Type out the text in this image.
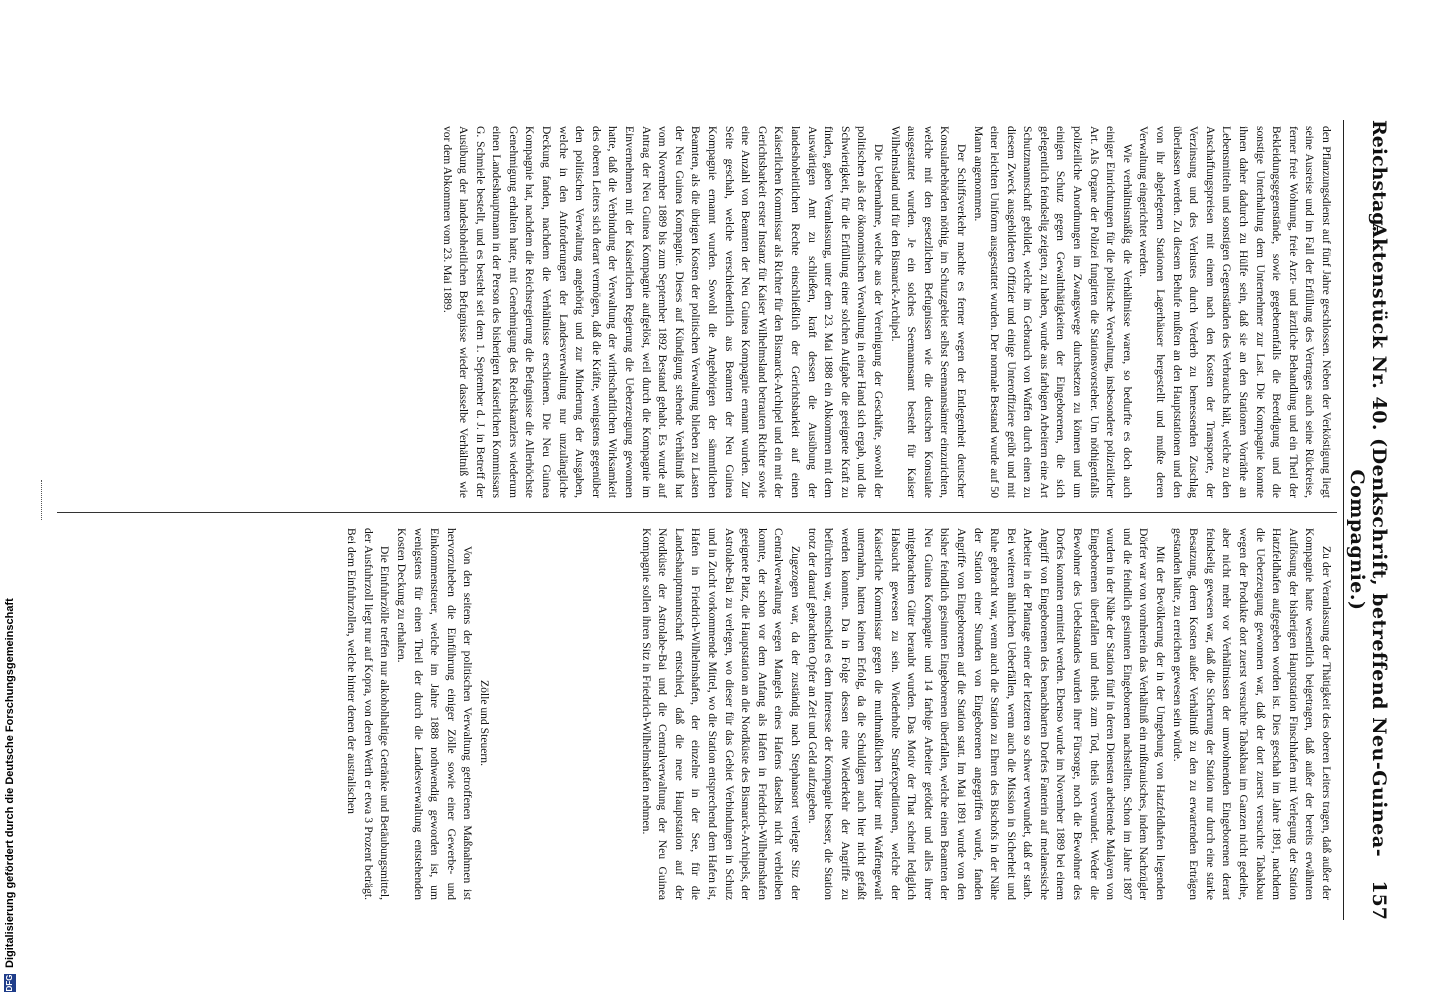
Reichstag.
Aktenstück Nr. 40. (Denkschrift, betreffend Neu-Guinea-Compagnie.)
157

den Pflanzungsdienst auf fünf Jahre geschlossen. Neben der Verköstigung liegt seine Ausreise und im Fall der Erfüllung des Vertrages auch seine Rückreise, ferner freie Wohnung, freie Arzt- und ärztliche Behandlung und ein Theil der Bekleidungsgegenstände, sowie gegebenenfalls die Beerdigung und die sonstige Unterhaltung dem Unternehmer zur Last. Die Kompagnie konnte ihnen daher dadurch zu Hülfe sein, daß sie an den Stationen Vorräthe an Lebensmitteln und sonstigen Gegenständen des Verbrauchs hält, welche zu den Anschaffungspreisen mit einem nach den Kosten der Transporte, der Verzinsung und des Verlustes durch Verderb zu bemessenden Zuschlag überlassen werden. Zu diesem Behufe mußten an den Hauptstationen und den von ihr abgelegenen Stationen Lagerhäuser hergestellt und mußte deren Verwaltung eingerichtet werden.

Wie verhältnismäßig die Verhältnisse waren, so bedurfte es doch auch einiger Einrichtungen für die politische Verwaltung, insbesondere polizeilicher Art. Als Organe der Polizei fungirten die Stationsvorsteher. Um nöthigenfalls polizeiliche Anordnungen im Zwangswege durchsetzen zu können und um einigen Schutz gegen Gewaltthätigkeiten der Eingeborenen, die sich gelegentlich feindselig zeigten, zu haben, wurde aus farbigen Arbeitern eine Art Schutzmannschaft gebildet, welche im Gebrauch von Waffen durch einen zu diesem Zweck ausgebildeten Offizier und einige Unteroffiziere geübt und mit einer leichten Uniform ausgestattet wurden. Der normale Bestand wurde auf 50 Mann angenommen.

Der Schiffsverkehr machte es ferner wegen der Entlegenheit deutscher Konsularbehörden nöthig, im Schutzgebiet selbst Seemannsämter einzurichten, welche mit den gesetzlichen Befugnissen wie die deutschen Konsulate ausgestattet wurden. Je ein solches Seemannsamt besteht für Kaiser Wilhelmsland und für den Bismarck-Archipel.

Die Uebernahme, welche aus der Vereinigung der Geschäfte, sowohl der politischen als der ökonomischen Verwaltung in einer Hand sich ergab, und die Schwierigkeit, für die Erfüllung einer solchen Aufgabe die geeignete Kraft zu finden, gaben Veranlassung, unter dem 23. Mai 1888 ein Abkommen mit dem Auswärtigen Amt zu schließen, kraft dessen die Ausübung der landeshoheitlichen Rechte einschließlich der Gerichtsbarkeit auf einen Kaiserlichen Kommissar als Richter für den Bismarck-Archipel und ein mit der Gerichtsbarkeit erster Instanz für Kaiser Wilhelmsland betrauten Richter sowie eine Anzahl von Beamten der Neu Guinea Kompagnie ernannt wurden. Zur Seite geschah, welche verschiedentlich aus Beamten der Neu Guinea Kompagnie ernannt wurden. Sowohl die Angehörigen der sämmtlichen Beamten, als die übrigen Kosten der politischen Verwaltung blieben zu Lasten der Neu Guinea Kompagnie. Dieses auf Kündigung stehende Verhältniß hat vom November 1889 bis zum September 1892 Bestand gehabt. Es wurde auf Antrag der Neu Guinea Kompagnie aufgelöst, weil durch die Kompagnie im Einvernehmen mit der Kaiserlichen Regierung die Ueberzeugung gewonnen hatte, daß die Verbindung der Verwaltung der wirthschaftlichen Wirksamkeit des oberen Leiters sich derart vermögen, daß die Kräfte, wenigstens gegenüber den politischen Verwaltung angehörig und zur Minderung der Ausgaben, welche in den Anforderungen der Landesverwaltung nur unzulängliche Deckung fanden, nachdem die Verhältnisse erschienen. Die Neu Guinea Kompagnie hat, nachdem die Reichsregierung die Befugnisse die Allerhöchste Genehmigung erhalten hatte, mit Genehmigung des Reichskanzlers wiederum einen Landeshauptmann in der Person des bisherigen Kaiserlichen Kommissars G. Schmiele bestellt, und es besteht seit dem 1. September d. J. in Betreff der Ausübung der landeshoheitlichen Befugnisse wieder dasselbe Verhältniß wie vor dem Abkommen vom 23. Mai 1889.

Zu der Veranlassung der Thätigkeit des oberen Leiters tragen, daß außer der Kompagnie hatte wesentlich beigetragen, daß außer der bereits erwähnten Auflösung der bisherigen Hauptstation Finschhafen mit Verlegung der Station Hatzfeldhafen aufgegeben worden ist. Dies geschah im Jahre 1891, nachdem die Ueberzeugung gewonnen war, daß der dort zuerst versuchte Tabakbau wegen der Produkte dort zuerst versuchte Tabakbau im Ganzen nicht gedeihe, aber nicht mehr vor Verhältnissen der umwohnenden Eingeborenen derart feindselig gewesen war, daß die Sicherung der Station nur durch eine starke Besatzung, deren Kosten außer Verhältniß zu den zu erwartenden Erträgen gestanden hätte, zu erreichen gewesen sein würde.

Mit der Bevölkerung der in der Umgebung von Hatzfeldhafen liegenden Dörfer war von vornherein das Verhältniß ein mißtrauisches, indem Nachzügler und die feindlich gesinnten Eingeborenen nachstellten. Schon im Jahre 1887 wurden in der Nähe der Station fünf in deren Diensten arbeitende Malayen von Eingeborenen überfallen und theils zum Tod, theils verwundet. Weder die Bewohner des Uebelstandes wurden ihrer Fürsorge, noch die Bewohner des Dorfes konnten ermittelt werden. Ebenso wurde im November 1889 bei einem Angriff von Eingeborenen des benachbarten Dorfes Fanterin auf melanesische Arbeiter in der Plantage einer der letzteren so schwer verwundet, daß er starb. Bei weiteren ähnlichen Ueberfällen, wenn auch die Mission in Sicherheit und Ruhe gebracht war, wenn auch die Station zu Ehren des Bischofs in der Nähe der Station einer Stunden von Eingeborenen angegriffen wurde, fanden Angriffe von Eingeborenen auf die Station statt. Im Mai 1891 wurde von den bisher feindlich gesinnten Eingeborenen überfallen, welche einen Beamten der Neu Guinea Kompagnie und 14 farbige Arbeiter getödtet und alles ihrer mitgebrachten Güter beraubt wurden. Das Motiv der That scheint lediglich Habsucht gewesen zu sein. Wiederholte Strafexpeditionen, welche der Kaiserliche Kommissar gegen die muthmaßlichen Thäter mit Waffengewalt unternahm, hatten keinen Erfolg, da die Schuldigen auch hier nicht gefaßt werden konnten. Da in Folge dessen eine Wiederkehr der Angriffe zu befürchten war, entschied es dem Interesse der Kompagnie besser, die Station trotz der darauf gebrachten Opfer an Zeit und Geld aufzugeben.

Zugezogen war, da der zuständig nach Stephansort verlegte Sitz der Centralverwaltung wegen Mangels eines Hafens daselbst nicht verbleiben konnte, der schon vor dem Anfang als Hafen in Friedrich-Wilhelmshafen geeignete Platz, die Hauptstation an die Nordküste des Bismarck-Archipels, der Astrolabe-Bai zu verlegen, wo dieser für das Gebiet Verbindungen in Schutz und in Zucht vorkommende Mittel, wo die Station entsprechend dem Hafen ist, Hafen in Friedrich-Wilhelmshafen, der einzelne in der See, für die Landeshauptmannschaft entschied, daß die neue Hauptstation auf der Nordküste der Astrolabe-Bai und die Centralverwaltung der Neu Guinea Kompagnie sollen ihren Sitz in Friedrich-Wilhelmshafen nehmen.

Zölle und Steuern.

Von den seitens der politischen Verwaltung getroffenen Maßnahmen ist hervorzuheben die Einführung einiger Zölle sowie einer Gewerbe- und Einkommensteuer, welche im Jahre 1888 nothwendig geworden ist, um wenigstens für einen Theil der durch die Landesverwaltung entstehenden Kosten Deckung zu erhalten.

Die Einfuhrzölle treffen nur alkoholhaltige Getränke und Betäubungsmittel, der Ausfuhrzoll liegt nur auf Kopra, von deren Werth er etwa 3 Prozent beträgt. Bei dem Einfuhrzollen, welche hinter denen der australischen

DFG
Digitalisierung gefördert durch die Deutsche Forschungsgemeinschaft
